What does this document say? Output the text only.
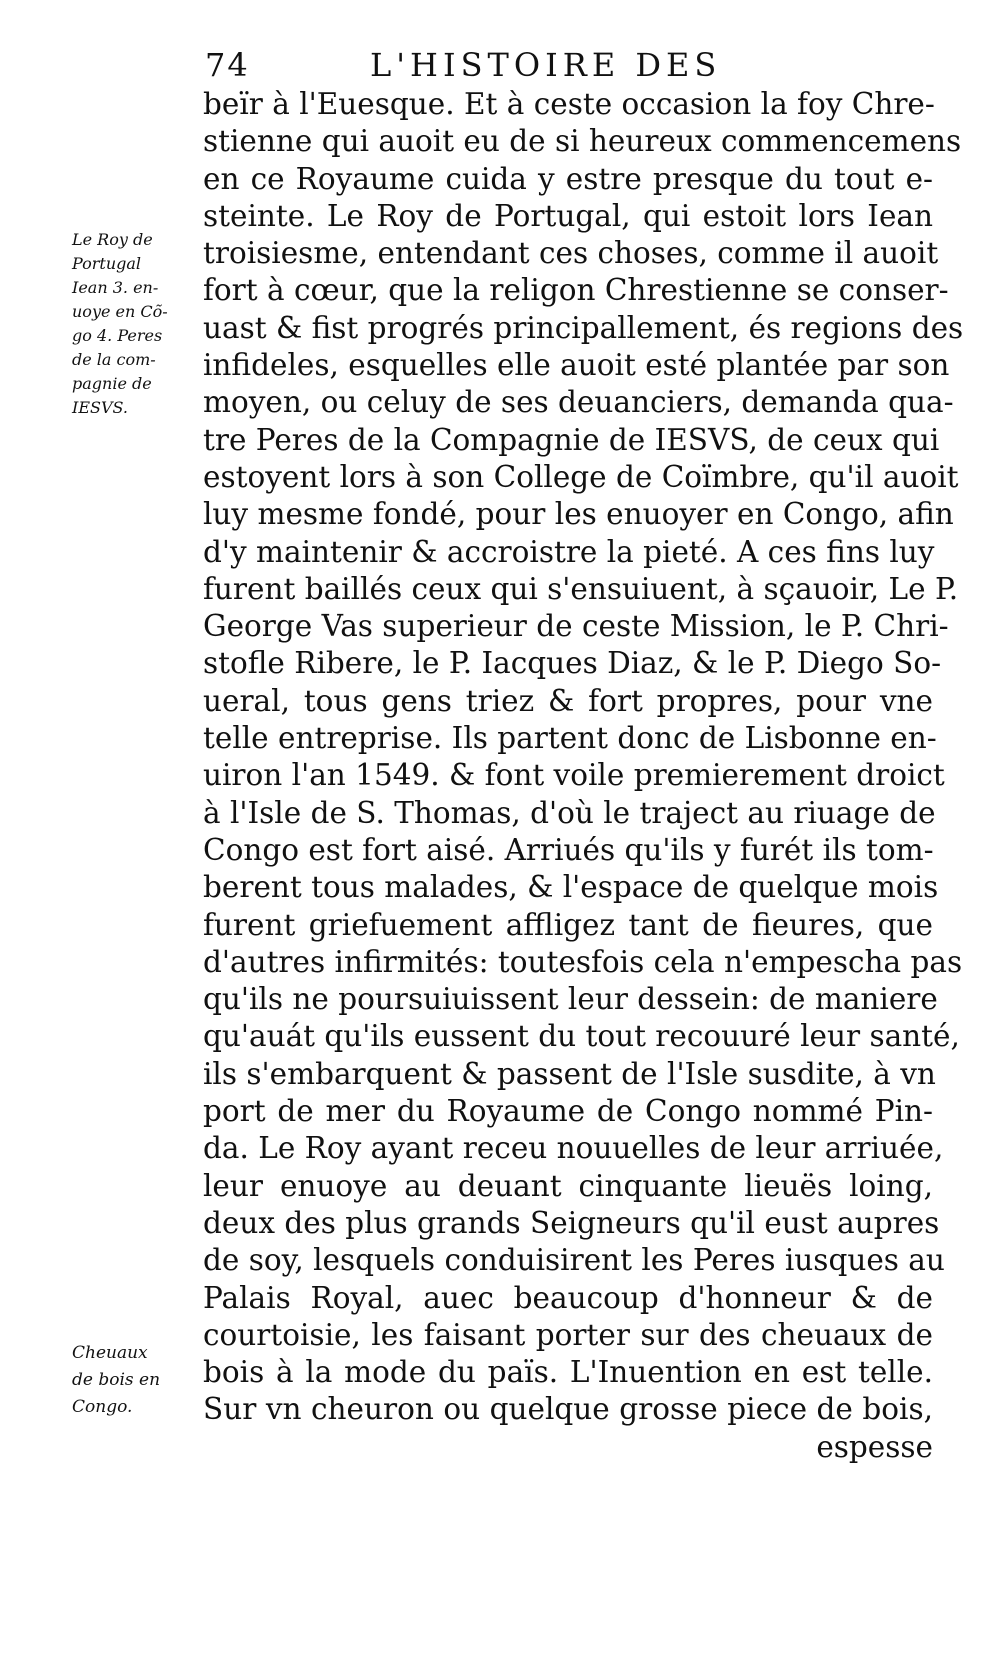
74	L'HISTOIRE DES
Le Roy de
Portugal
Iean 3. en-
uoye en Cõ-
go 4. Peres
de la com-
pagnie de
IESVS.
Cheuaux
de bois en
Congo.
beïr à l'Euesque. Et à ceste occasion la foy Chre-
stienne qui auoit eu de si heureux commencemens
en ce Royaume cuida y estre presque du tout e-
steinte. Le Roy de Portugal, qui estoit lors Iean
troisiesme, entendant ces choses, comme il auoit
fort à cœur, que la religon Chrestienne se conser-
uast & fist progrés principallement, és regions des
infideles, esquelles elle auoit esté plantée par son
moyen, ou celuy de ses deuanciers, demanda qua-
tre Peres de la Compagnie de IESVS, de ceux qui
estoyent lors à son College de Coïmbre, qu'il auoit
luy mesme fondé, pour les enuoyer en Congo, afin
d'y maintenir & accroistre la pieté. A ces fins luy
furent baillés ceux qui s'ensuiuent, à sçauoir, Le P.
George Vas superieur de ceste Mission, le P. Chri-
stofle Ribere, le P. Iacques Diaz, & le P. Diego So-
ueral, tous gens triez & fort propres, pour vne
telle entreprise. Ils partent donc de Lisbonne en-
uiron l'an 1549. & font voile premierement droict
à l'Isle de S. Thomas, d'où le traject au riuage de
Congo est fort aisé. Arriués qu'ils y furét ils tom-
berent tous malades, & l'espace de quelque mois
furent griefuement affligez tant de fieures, que
d'autres infirmités: toutesfois cela n'empescha pas
qu'ils ne poursuiuissent leur dessein: de maniere
qu'auát qu'ils eussent du tout recouuré leur santé,
ils s'embarquent & passent de l'Isle susdite, à vn
port de mer du Royaume de Congo nommé Pin-
da. Le Roy ayant receu nouuelles de leur arriuée,
leur enuoye au deuant cinquante lieuës loing,
deux des plus grands Seigneurs qu'il eust aupres
de soy, lesquels conduisirent les Peres iusques au
Palais Royal, auec beaucoup d'honneur & de
courtoisie, les faisant porter sur des cheuaux de
bois à la mode du païs. L'Inuention en est telle.
Sur vn cheuron ou quelque grosse piece de bois,
espesse
